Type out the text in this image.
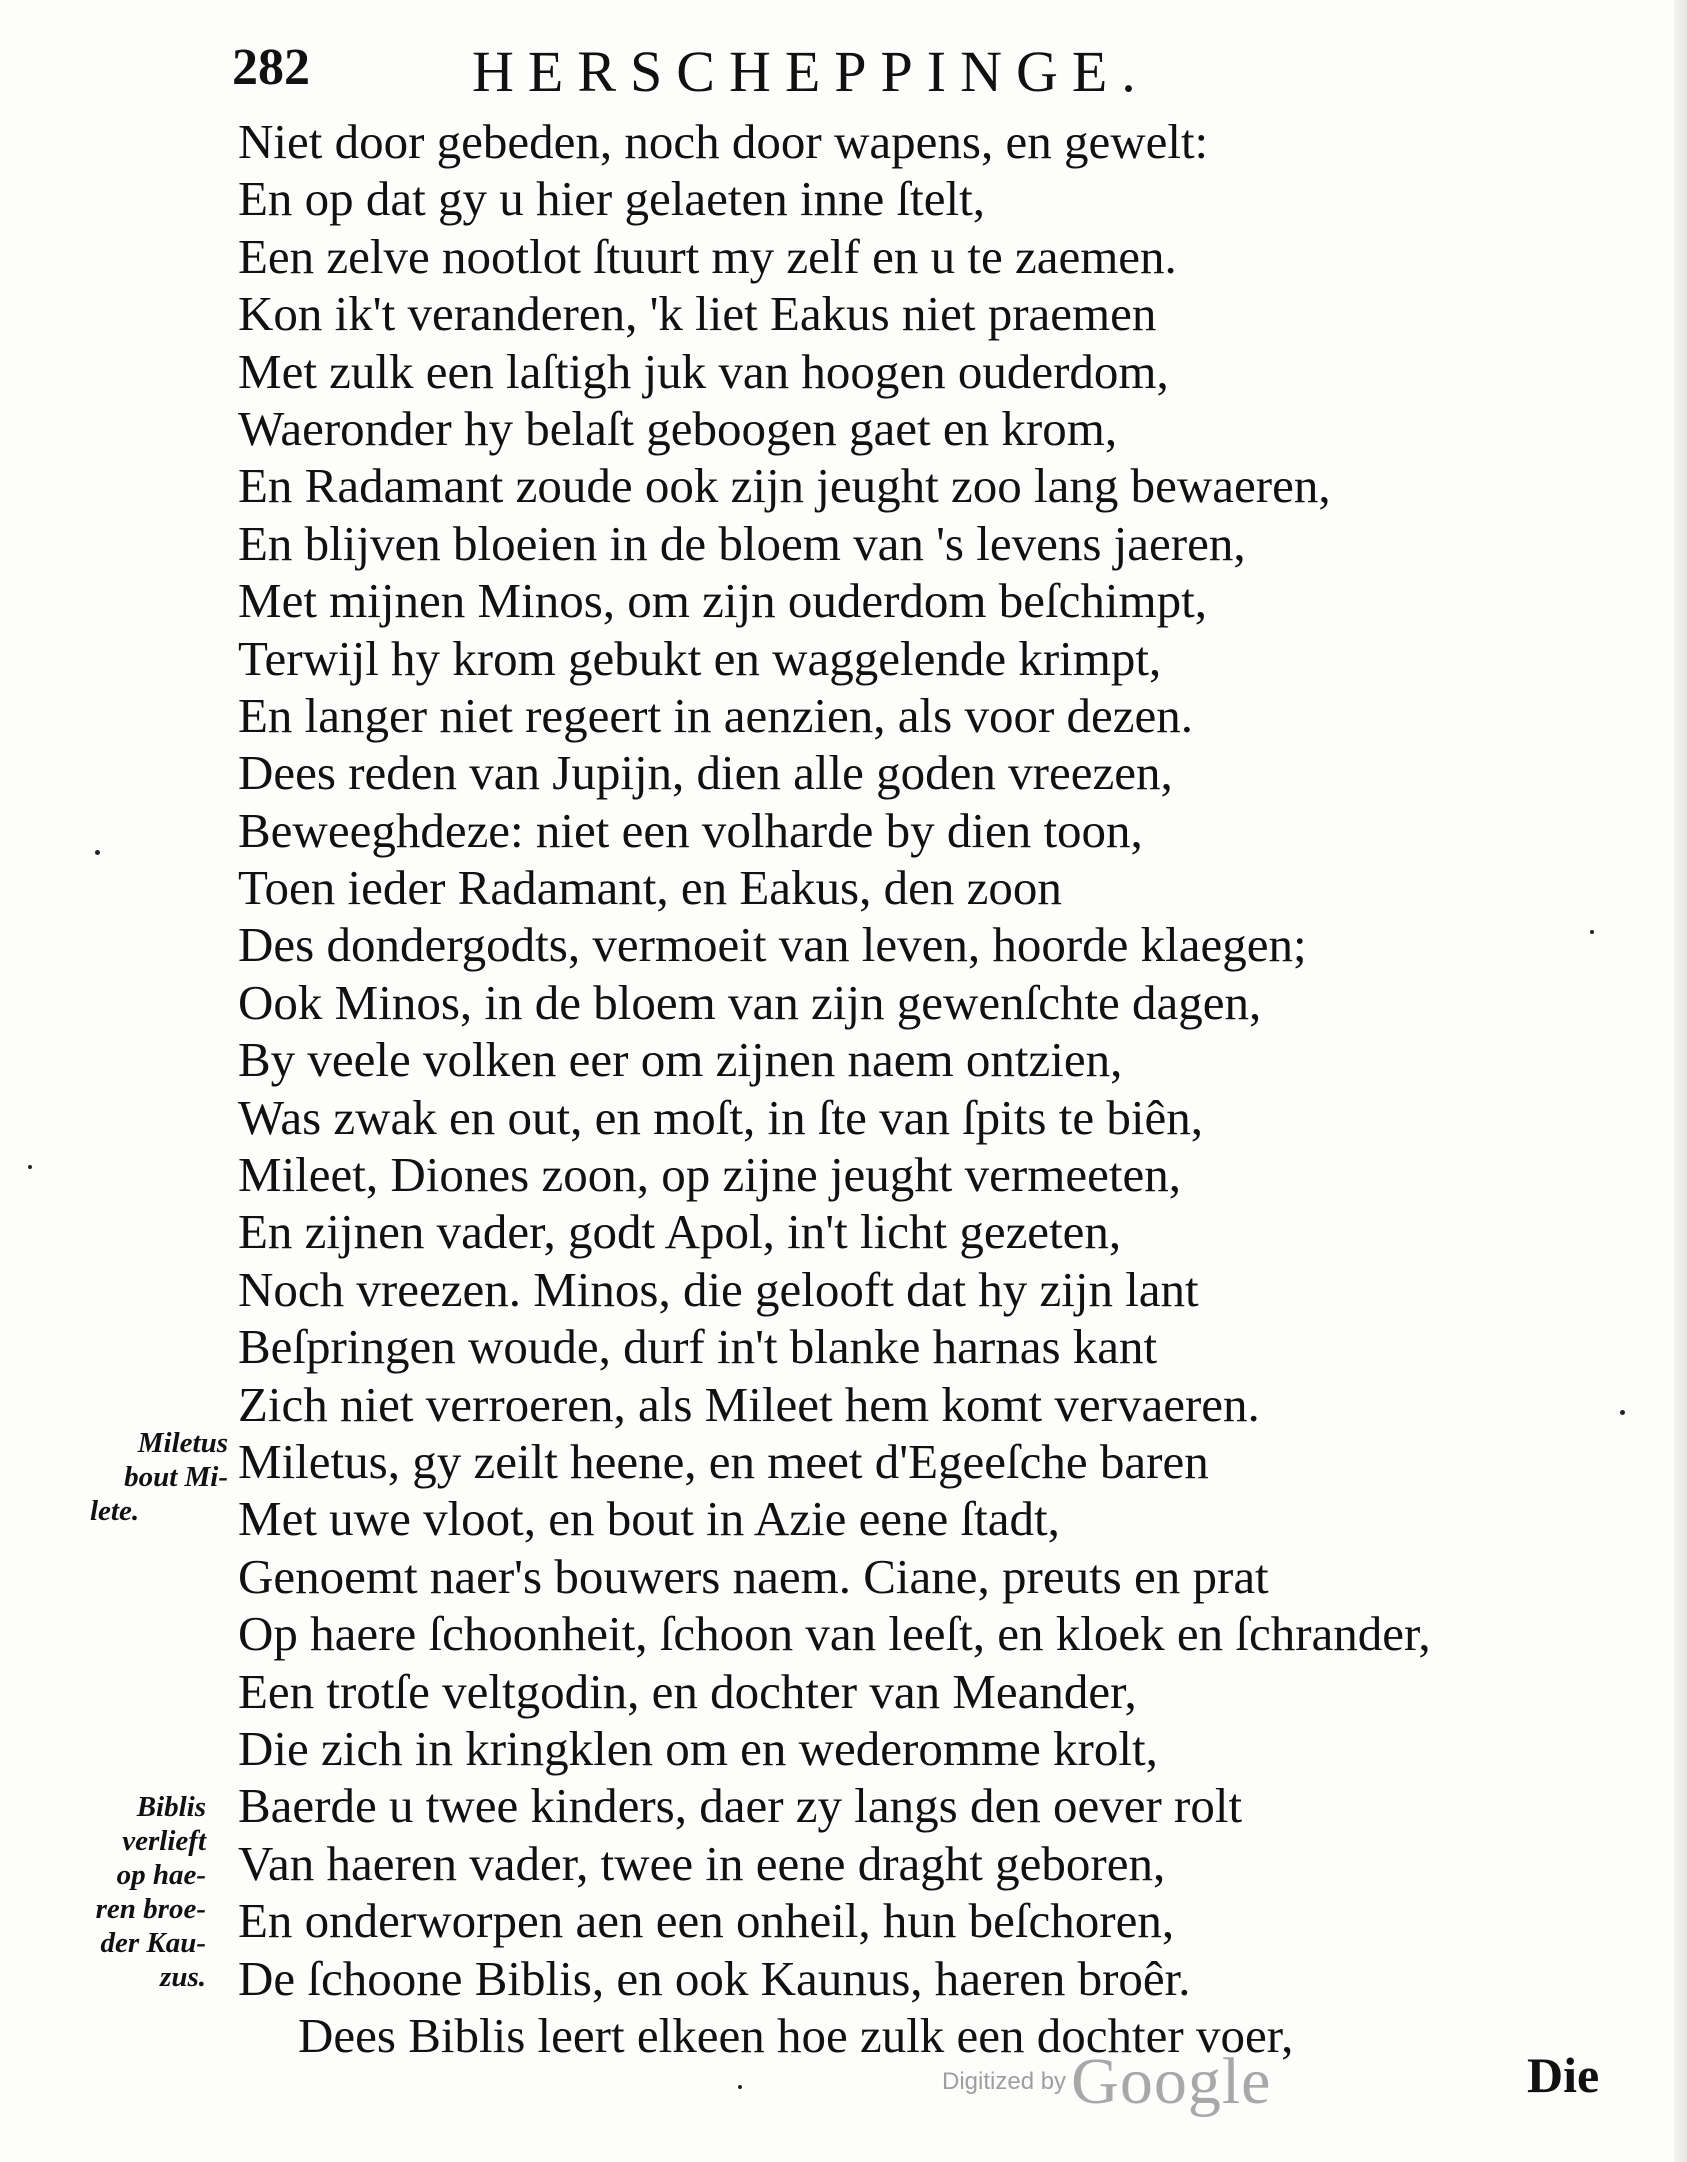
282	HERSCHEPPINGE.
Niet door gebeden, noch door wapens, en gewelt:
En op dat gy u hier gelaeten inne ſtelt,
Een zelve nootlot ſtuurt my zelf en u te zaemen.
Kon ik't veranderen, 'k liet Eakus niet praemen
Met zulk een laſtigh juk van hoogen ouderdom,
Waeronder hy belaſt geboogen gaet en krom,
En Radamant zoude ook zijn jeught zoo lang bewaeren,
En blijven bloeien in de bloem van 's levens jaeren,
Met mijnen Minos, om zijn ouderdom beſchimpt,
Terwijl hy krom gebukt en waggelende krimpt,
En langer niet regeert in aenzien, als voor dezen.
Dees reden van Jupijn, dien alle goden vreezen,
Beweeghdeze: niet een volharde by dien toon,
Toen ieder Radamant, en Eakus, den zoon
Des dondergodts, vermoeit van leven, hoorde klaegen;
Ook Minos, in de bloem van zijn gewenſchte dagen,
By veele volken eer om zijnen naem ontzien,
Was zwak en out, en moſt, in ſte van ſpits te biên,
Mileet, Diones zoon, op zijne jeught vermeeten,
En zijnen vader, godt Apol, in't licht gezeten,
Noch vreezen. Minos, die gelooft dat hy zijn lant
Beſpringen woude, durf in't blanke harnas kant
Zich niet verroeren, als Mileet hem komt vervaeren.
Miletus, gy zeilt heene, en meet d'Egeeſche baren
Met uwe vloot, en bout in Azie eene ſtadt,
Genoemt naer's bouwers naem. Ciane, preuts en prat
Op haere ſchoonheit, ſchoon van leeſt, en kloek en ſchrander,
Een trotſe veltgodin, en dochter van Meander,
Die zich in kringklen om en wederomme krolt,
Baerde u twee kinders, daer zy langs den oever rolt
Van haeren vader, twee in eene draght geboren,
En onderworpen aen een onheil, hun beſchoren,
De ſchoone Biblis, en ook Kaunus, haeren broêr.
Dees Biblis leert elkeen hoe zulk een dochter voer,
Miletus
bout Mi-
lete.
Biblis
verlieft
op hae-
ren broe-
der Kau-
zus.
Die
Digitized by Google
